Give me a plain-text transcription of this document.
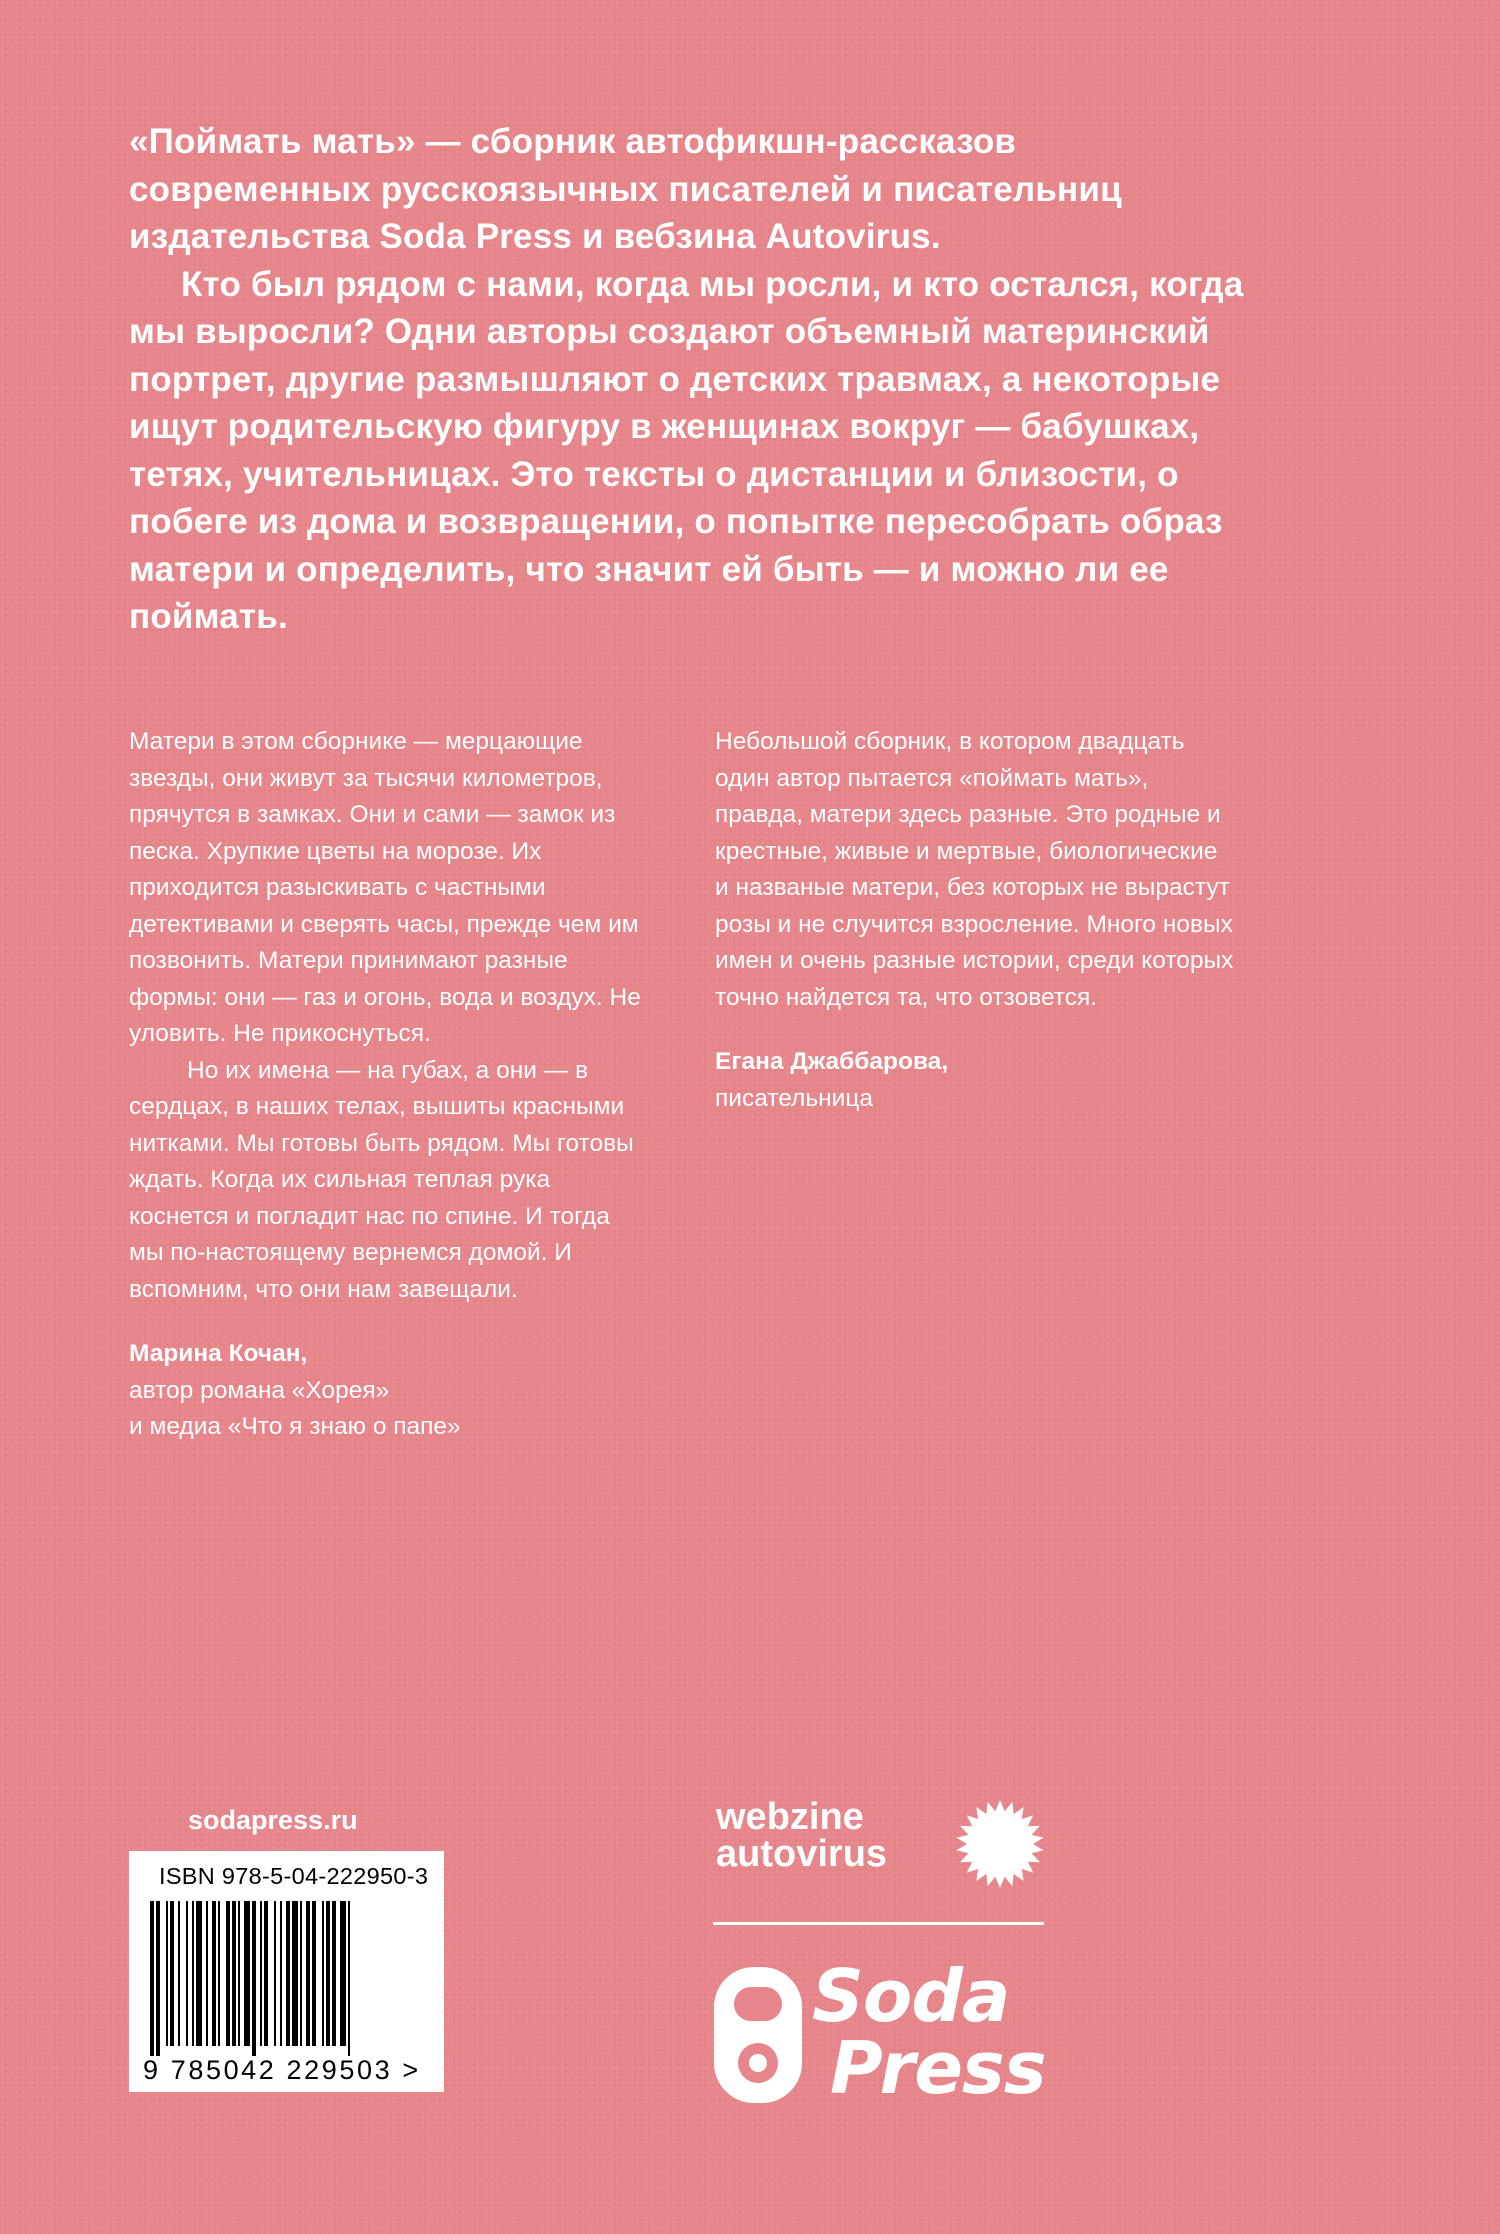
«Поймать мать» — сборник автофикшн-рассказов современных русскоязычных писателей и писательниц издательства Soda Press и вебзина Autovirus.

Кто был рядом с нами, когда мы росли, и кто остался, когда мы выросли? Одни авторы создают объемный материнский портрет, другие размышляют о детских травмах, а некоторые ищут родительскую фигуру в женщинах вокруг — бабушках, тетях, учительницах. Это тексты о дистанции и близости, о побеге из дома и возвращении, о попытке пересобрать образ матери и определить, что значит ей быть — и можно ли ее поймать.

Матери в этом сборнике — мерцающие звезды, они живут за тысячи километров, прячутся в замках. Они и сами — замок из песка. Хрупкие цветы на морозе. Их приходится разыскивать с частными детективами и сверять часы, прежде чем им позвонить. Матери принимают разные формы: они — газ и огонь, вода и воздух. Не уловить. Не прикоснуться.

Но их имена — на губах, а они — в сердцах, в наших телах, вышиты красными нитками. Мы готовы быть рядом. Мы готовы ждать. Когда их сильная теплая рука коснется и погладит нас по спине. И тогда мы по-настоящему вернемся домой. И вспомним, что они нам завещали.

Марина Кочан,
автор романа «Хорея»
и медиа «Что я знаю о папе»

Небольшой сборник, в котором двадцать один автор пытается «поймать мать», правда, матери здесь разные. Это родные и крестные, живые и мертвые, биологические и названые матери, без которых не вырастут розы и не случится взросление. Много новых имен и очень разные истории, среди которых точно найдется та, что отзовется.

Егана Джаббарова,
писательница
sodapress.ru
ISBN 978-5-04-222950-3
9 785042 229503 >
webzine
autovirus
Soda
Press
